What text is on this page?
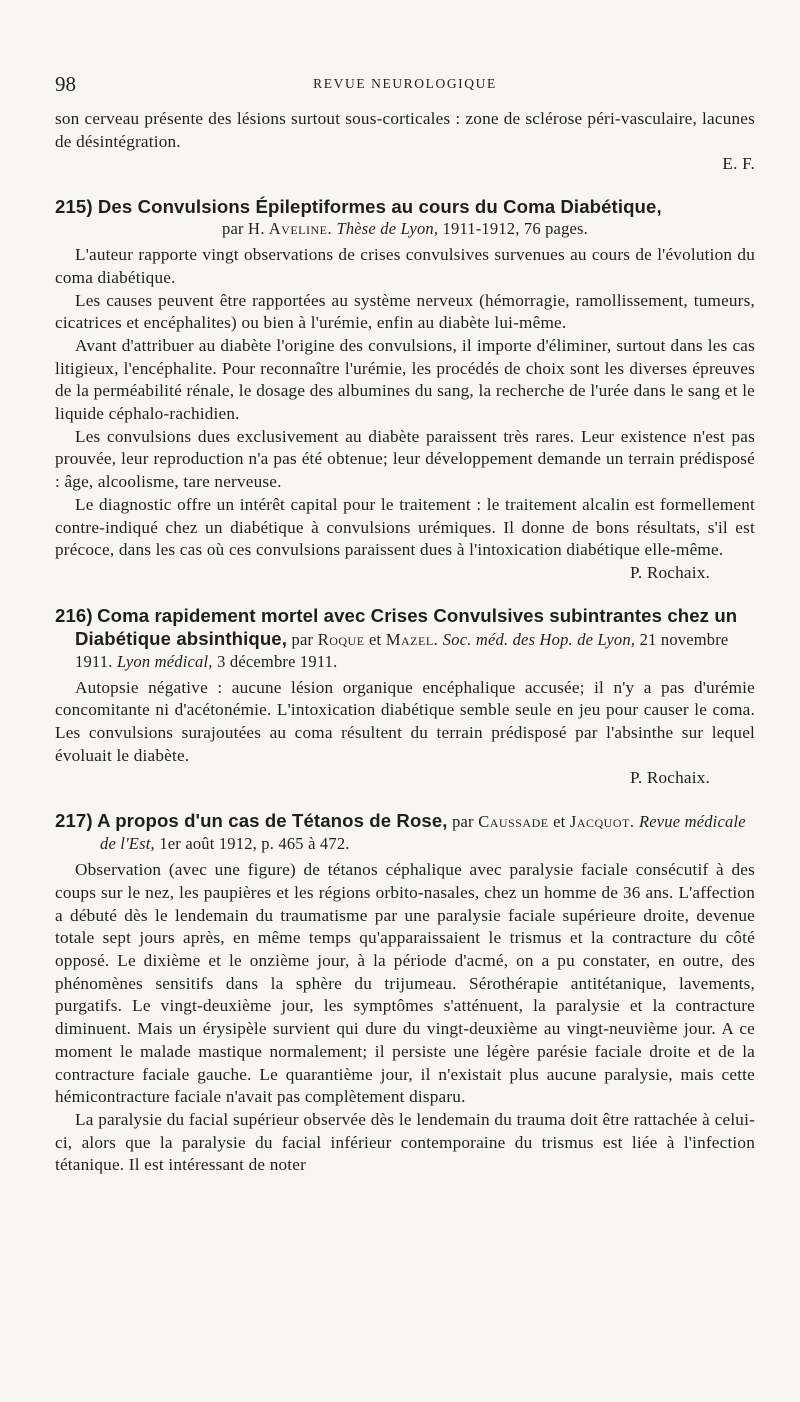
98	REVUE NEUROLOGIQUE

son cerveau présente des lésions surtout sous-corticales : zone de sclérose péri-vasculaire, lacunes de désintégration.

E. F.

215) Des Convulsions Épileptiformes au cours du Coma Diabétique,
par H. Aveline. Thèse de Lyon, 1911-1912, 76 pages.

L'auteur rapporte vingt observations de crises convulsives survenues au cours de l'évolution du coma diabétique.

Les causes peuvent être rapportées au système nerveux (hémorragie, ramollissement, tumeurs, cicatrices et encéphalites) ou bien à l'urémie, enfin au diabète lui-même.

Avant d'attribuer au diabète l'origine des convulsions, il importe d'éliminer, surtout dans les cas litigieux, l'encéphalite. Pour reconnaître l'urémie, les procédés de choix sont les diverses épreuves de la perméabilité rénale, le dosage des albumines du sang, la recherche de l'urée dans le sang et le liquide céphalo-rachidien.

Les convulsions dues exclusivement au diabète paraissent très rares. Leur existence n'est pas prouvée, leur reproduction n'a pas été obtenue; leur développement demande un terrain prédisposé : âge, alcoolisme, tare nerveuse.

Le diagnostic offre un intérêt capital pour le traitement : le traitement alcalin est formellement contre-indiqué chez un diabétique à convulsions urémiques. Il donne de bons résultats, s'il est précoce, dans les cas où ces convulsions paraissent dues à l'intoxication diabétique elle-même.

P. Rochaix.

216) Coma rapidement mortel avec Crises Convulsives subintrantes chez un Diabétique absinthique, par Roque et Mazel. Soc. méd. des Hop. de Lyon, 21 novembre 1911. Lyon médical, 3 décembre 1911.

Autopsie négative : aucune lésion organique encéphalique accusée; il n'y a pas d'urémie concomitante ni d'acétonémie. L'intoxication diabétique semble seule en jeu pour causer le coma. Les convulsions surajoutées au coma résultent du terrain prédisposé par l'absinthe sur lequel évoluait le diabète.

P. Rochaix.

217) A propos d'un cas de Tétanos de Rose, par Caussade et Jacquot. Revue médicale de l'Est, 1er août 1912, p. 465 à 472.

Observation (avec une figure) de tétanos céphalique avec paralysie faciale consécutif à des coups sur le nez, les paupières et les régions orbito-nasales, chez un homme de 36 ans. L'affection a débuté dès le lendemain du traumatisme par une paralysie faciale supérieure droite, devenue totale sept jours après, en même temps qu'apparaissaient le trismus et la contracture du côté opposé. Le dixième et le onzième jour, à la période d'acmé, on a pu constater, en outre, des phénomènes sensitifs dans la sphère du trijumeau. Sérothérapie antitétanique, lavements, purgatifs. Le vingt-deuxième jour, les symptômes s'atténuent, la paralysie et la contracture diminuent. Mais un érysipèle survient qui dure du vingt-deuxième au vingt-neuvième jour. A ce moment le malade mastique normalement; il persiste une légère parésie faciale droite et de la contracture faciale gauche. Le quarantième jour, il n'existait plus aucune paralysie, mais cette hémicontracture faciale n'avait pas complètement disparu.

La paralysie du facial supérieur observée dès le lendemain du trauma doit être rattachée à celui-ci, alors que la paralysie du facial inférieur contemporaine du trismus est liée à l'infection tétanique. Il est intéressant de noter
